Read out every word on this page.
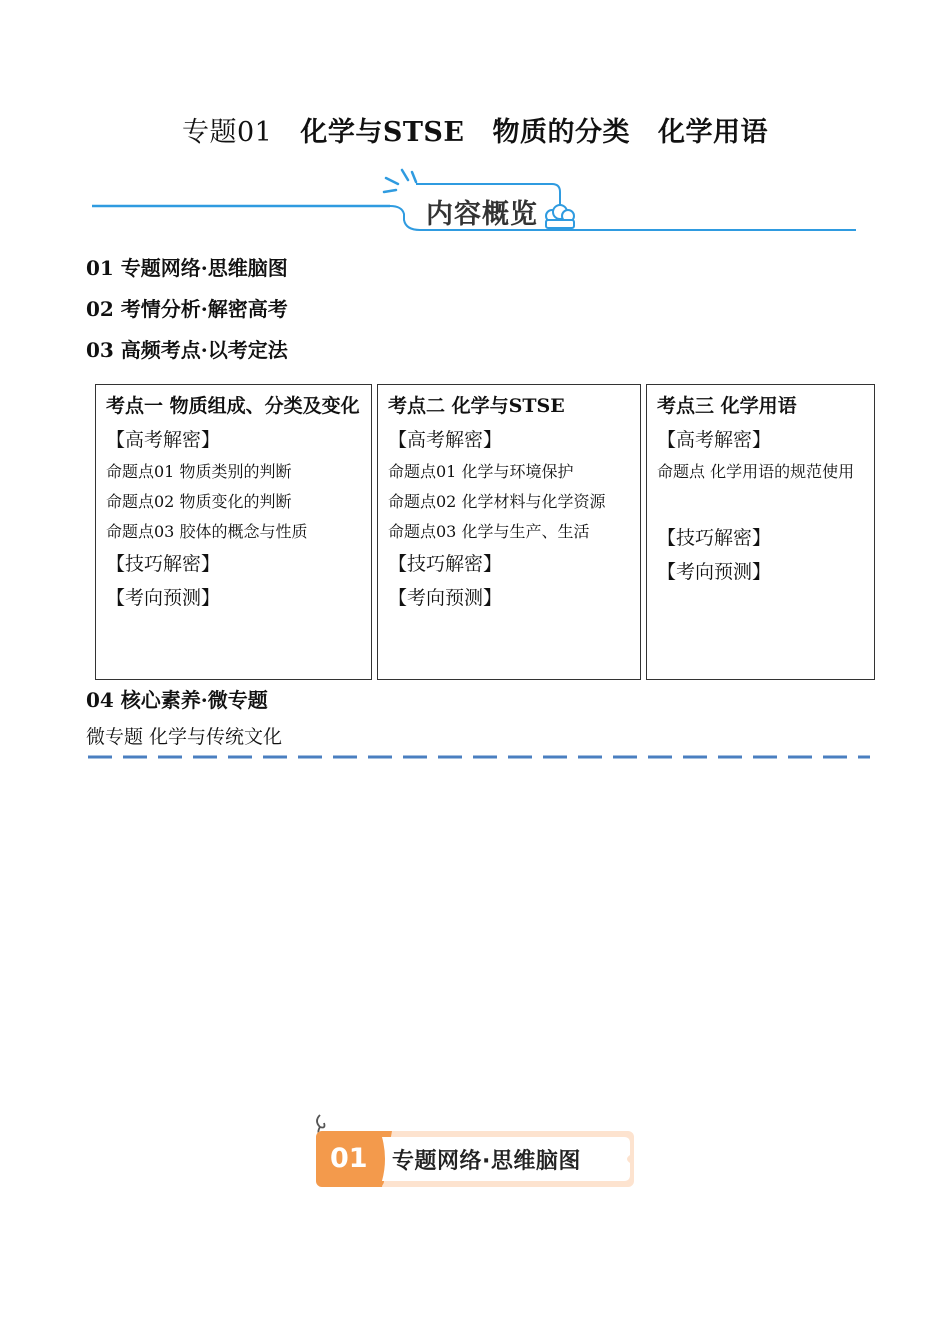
专题01 化学与STSE 物质的分类 化学用语
内容概览
01 专题网络·思维脑图
02 考情分析·解密高考
03 高频考点·以考定法
考点一 物质组成、分类及变化
【高考解密】
命题点01 物质类别的判断
命题点02 物质变化的判断
命题点03 胶体的概念与性质
【技巧解密】
【考向预测】
考点二 化学与STSE
【高考解密】
命题点01 化学与环境保护
命题点02 化学材料与化学资源
命题点03 化学与生产、生活
【技巧解密】
【考向预测】
考点三 化学用语
【高考解密】
命题点 化学用语的规范使用
【技巧解密】
【考向预测】
04 核心素养·微专题
微专题 化学与传统文化
01 专题网络·思维脑图
